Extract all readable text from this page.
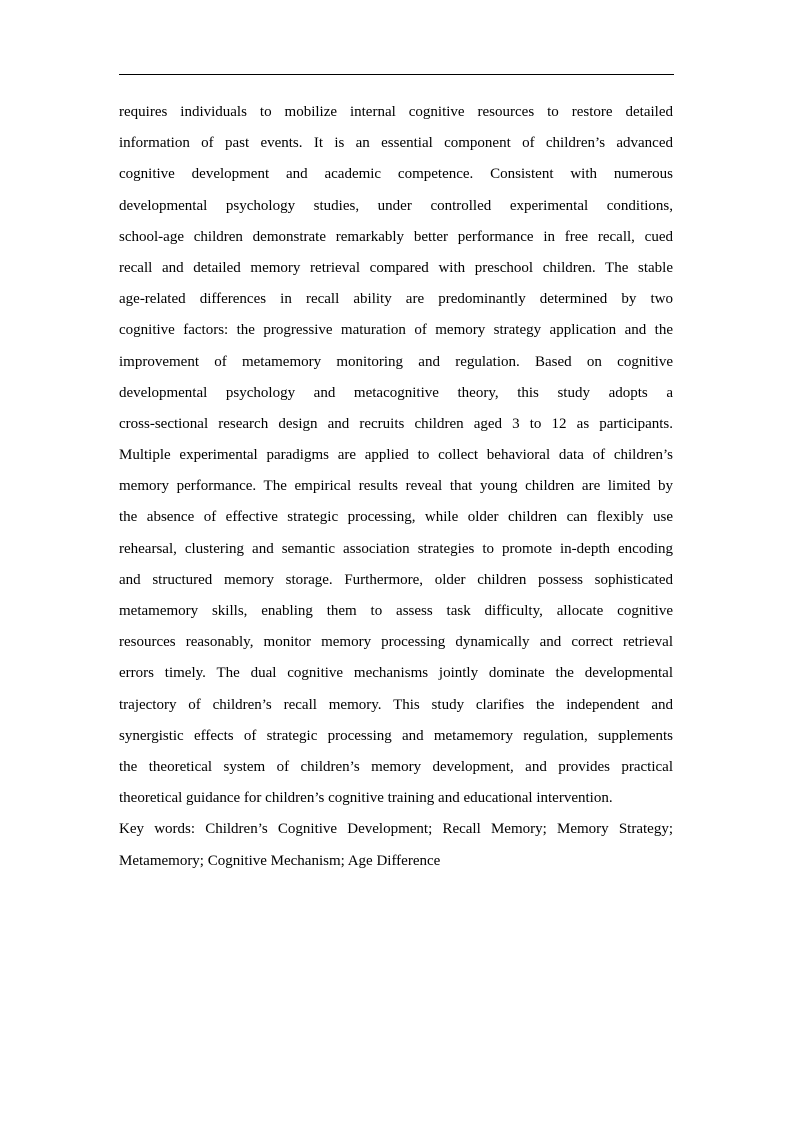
requires individuals to mobilize internal cognitive resources to restore detailed
information of past events. It is an essential component of children’s advanced
cognitive development and academic competence. Consistent with numerous
developmental psychology studies, under controlled experimental conditions,
school-age children demonstrate remarkably better performance in free recall, cued
recall and detailed memory retrieval compared with preschool children. The stable
age-related differences in recall ability are predominantly determined by two
cognitive factors: the progressive maturation of memory strategy application and the
improvement of metamemory monitoring and regulation. Based on cognitive
developmental psychology and metacognitive theory, this study adopts a
cross-sectional research design and recruits children aged 3 to 12 as participants.
Multiple experimental paradigms are applied to collect behavioral data of children’s
memory performance. The empirical results reveal that young children are limited by
the absence of effective strategic processing, while older children can flexibly use
rehearsal, clustering and semantic association strategies to promote in-depth encoding
and structured memory storage. Furthermore, older children possess sophisticated
metamemory skills, enabling them to assess task difficulty, allocate cognitive
resources reasonably, monitor memory processing dynamically and correct retrieval
errors timely. The dual cognitive mechanisms jointly dominate the developmental
trajectory of children’s recall memory. This study clarifies the independent and
synergistic effects of strategic processing and metamemory regulation, supplements
the theoretical system of children’s memory development, and provides practical
theoretical guidance for children’s cognitive training and educational intervention.
Key words: Children’s Cognitive Development; Recall Memory; Memory Strategy;
Metamemory; Cognitive Mechanism; Age Difference
